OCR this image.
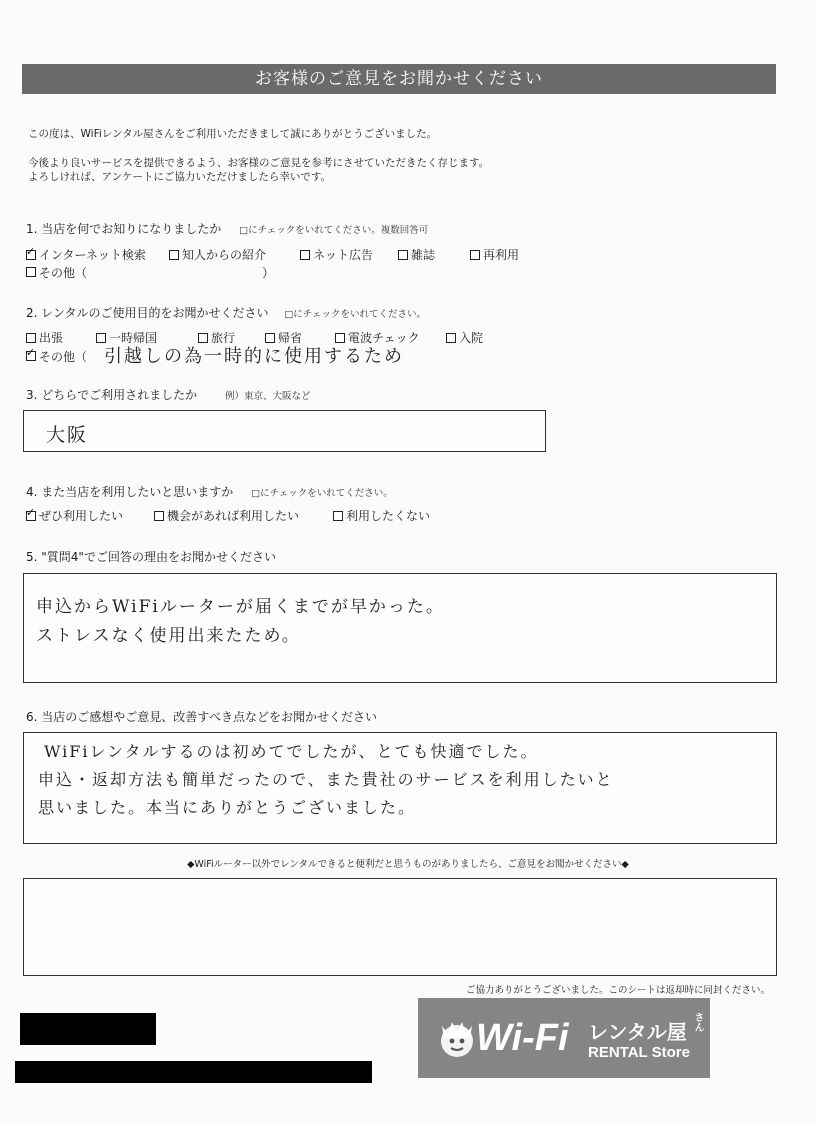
お客様のご意見をお聞かせください
この度は、WiFiレンタル屋さんをご利用いただきまして誠にありがとうございました。
今後より良いサービスを提供できるよう、お客様のご意見を参考にさせていただきたく存じます。
よろしければ、アンケートにご協力いただけましたら幸いです。
1. 当店を何でお知りになりましたか □にチェックをいれてください。複数回答可
✓
インターネット検索	知人からの紹介	ネット広告	雑誌	再利用
その他（	）
2. レンタルのご使用目的をお聞かせください □にチェックをいれてください。
出張	一時帰国	旅行	帰省	電波チェック	入院
✓
その他（ 引越しの為一時的に使用するため
3. どちらでご利用されましたか	例）東京、大阪など
大阪
4. また当店を利用したいと思いますか □にチェックをいれてください。
✓
ぜひ利用したい	機会があれば利用したい	利用したくない
5. "質問4"でご回答の理由をお聞かせください
申込からWiFiルーターが届くまでが早かった。
ストレスなく使用出来たため。
6. 当店のご感想やご意見、改善すべき点などをお聞かせください
WiFiレンタルするのは初めてでしたが、とても快適でした。
申込・返却方法も簡単だったので、また貴社のサービスを利用したいと
思いました。本当にありがとうございました。
◆WiFiルーター以外でレンタルできると便利だと思うものがありましたら、ご意見をお聞かせください◆
ご協力ありがとうございました。このシートは返却時に同封ください。
Wi-Fi レンタル屋 さん
RENTAL Store
